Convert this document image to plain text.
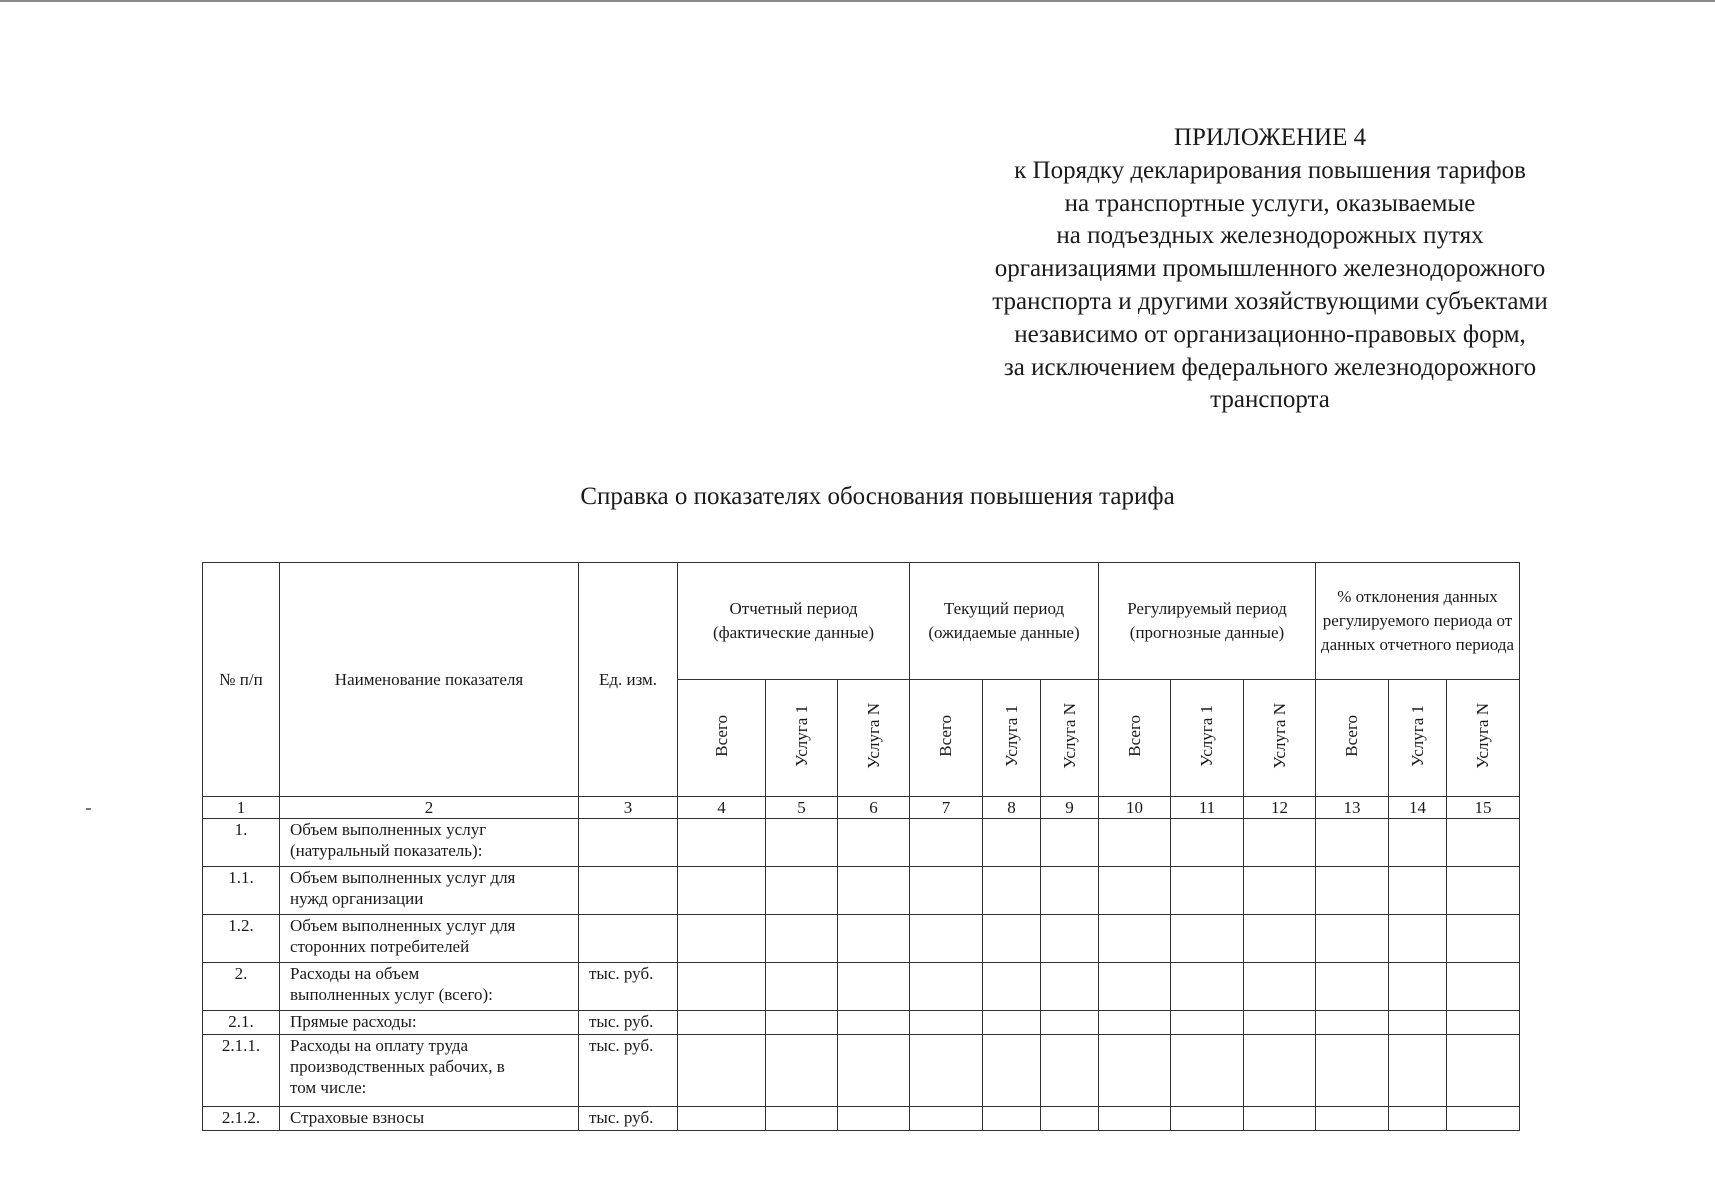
ПРИЛОЖЕНИЕ 4
к Порядку декларирования повышения тарифов
на транспортные услуги, оказываемые
на подъездных железнодорожных путях
организациями промышленного железнодорожного
транспорта и другими хозяйствующими субъектами
независимо от организационно-правовых форм,
за исключением федерального железнодорожного
транспорта
Справка о показателях обоснования повышения тарифа
№ п/п	Наименование показателя	Ед. изм.	Отчетный период (фактические данные)			Текущий период (ожидаемые данные)			Регулируемый период (прогнозные данные)			% отклонения данных регулируемого периода от данных отчетного периода		
			Всего	Услуга 1	Услуга N	Всего	Услуга 1	Услуга N	Всего	Услуга 1	Услуга N	Всего	Услуга 1	Услуга N
1	2	3	4	5	6	7	8	9	10	11	12	13	14	15
1.	Объем выполненных услуг
(натуральный показатель):													

1.1.	Объем выполненных услуг для
нужд организации													

1.2.	Объем выполненных услуг для
сторонних потребителей													

2.	Расходы на объем
выполненных услуг (всего):	тыс. руб.												
2.1.	Прямые расходы:	тыс. руб.												
2.1.1.	Расходы на оплату труда
производственных рабочих, в
том числе:	тыс. руб.												
2.1.2.	Страховые взносы	тыс. руб.												
